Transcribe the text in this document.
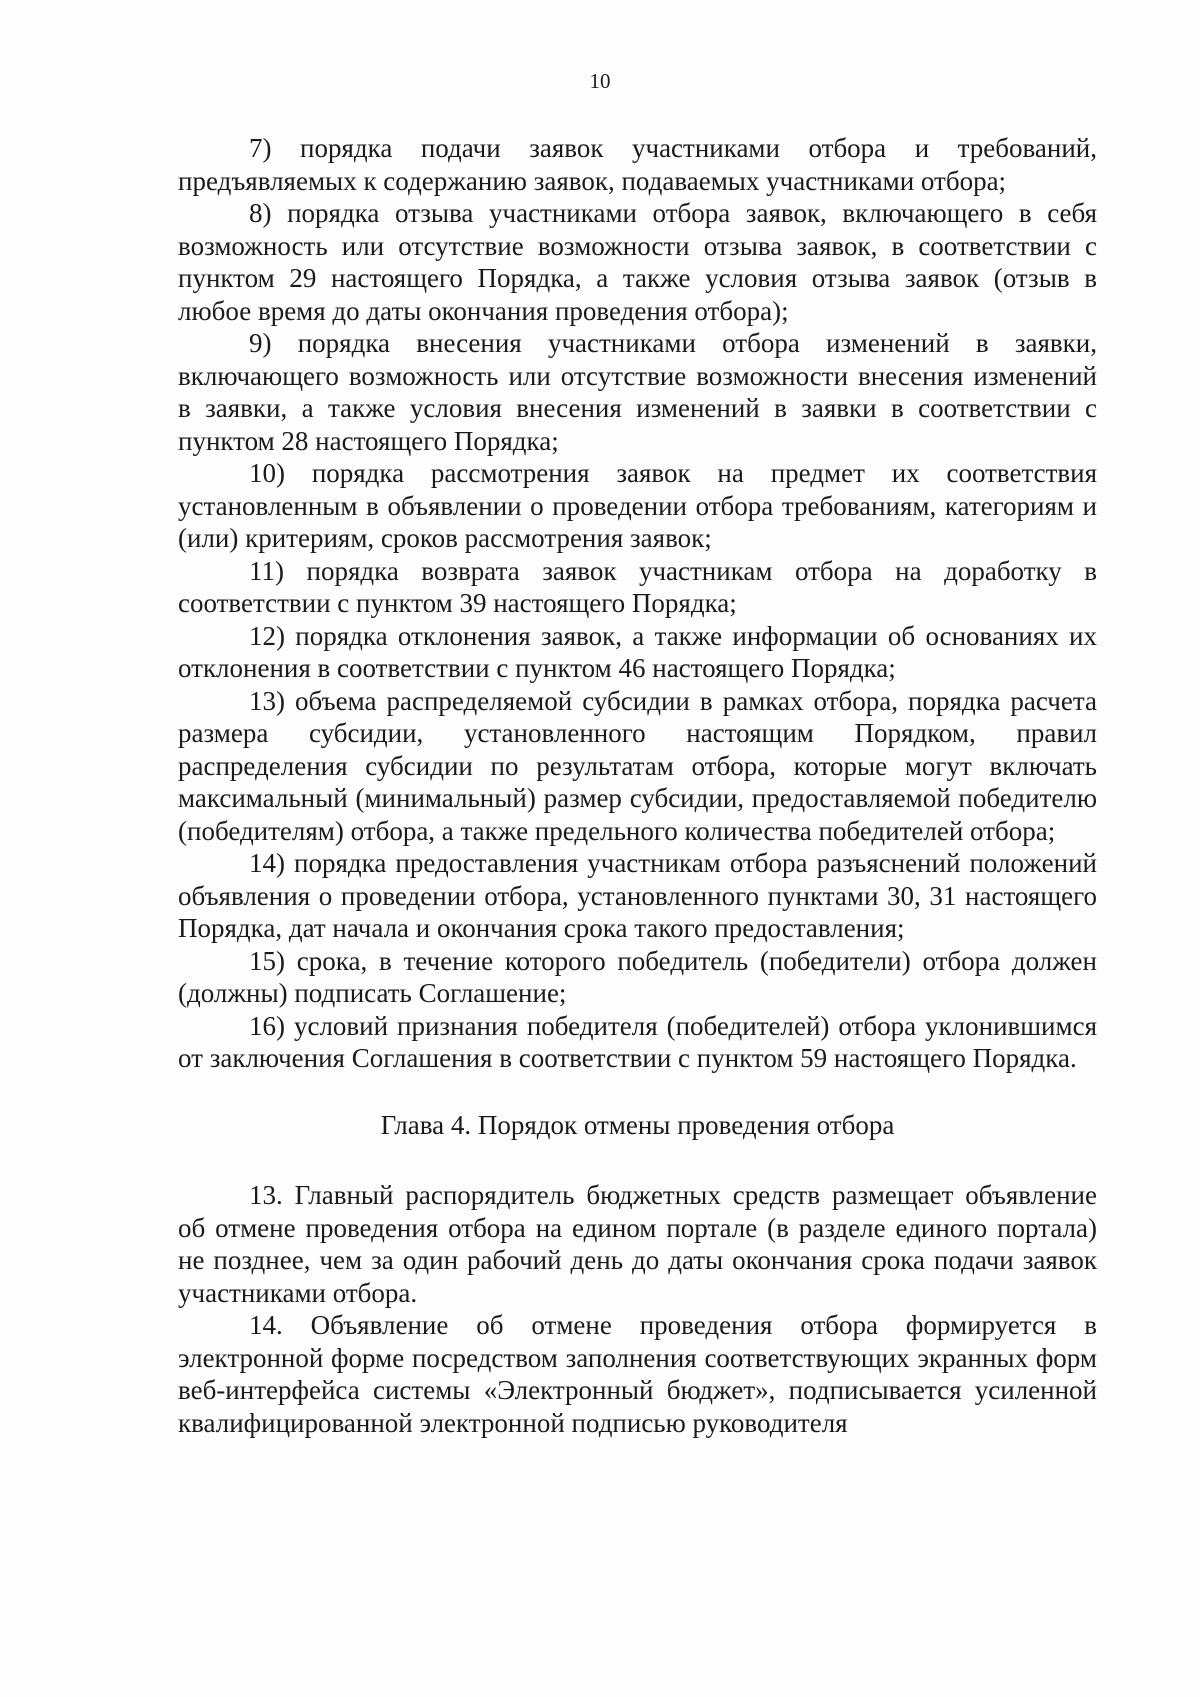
10

7) порядка подачи заявок участниками отбора и требований, предъявляемых к содержанию заявок, подаваемых участниками отбора;

8) порядка отзыва участниками отбора заявок, включающего в себя возможность или отсутствие возможности отзыва заявок, в соответствии с пунктом 29 настоящего Порядка, а также условия отзыва заявок (отзыв в любое время до даты окончания проведения отбора);

9) порядка внесения участниками отбора изменений в заявки, включающего возможность или отсутствие возможности внесения изменений в заявки, а также условия внесения изменений в заявки в соответствии с пунктом 28 настоящего Порядка;

10) порядка рассмотрения заявок на предмет их соответствия установленным в объявлении о проведении отбора требованиям, категориям и (или) критериям, сроков рассмотрения заявок;

11) порядка возврата заявок участникам отбора на доработку в соответствии с пунктом 39 настоящего Порядка;

12) порядка отклонения заявок, а также информации об основаниях их отклонения в соответствии с пунктом 46 настоящего Порядка;

13) объема распределяемой субсидии в рамках отбора, порядка расчета размера субсидии, установленного настоящим Порядком, правил распределения субсидии по результатам отбора, которые могут включать максимальный (минимальный) размер субсидии, предоставляемой победителю (победителям) отбора, а также предельного количества победителей отбора;

14) порядка предоставления участникам отбора разъяснений положений объявления о проведении отбора, установленного пунктами 30, 31 настоящего Порядка, дат начала и окончания срока такого предоставления;

15) срока, в течение которого победитель (победители) отбора должен (должны) подписать Соглашение;

16) условий признания победителя (победителей) отбора уклонившимся от заключения Соглашения в соответствии с пунктом 59 настоящего Порядка.

Глава 4. Порядок отмены проведения отбора

13. Главный распорядитель бюджетных средств размещает объявление об отмене проведения отбора на едином портале (в разделе единого портала) не позднее, чем за один рабочий день до даты окончания срока подачи заявок участниками отбора.

14. Объявление об отмене проведения отбора формируется в электронной форме посредством заполнения соответствующих экранных форм веб-интерфейса системы «Электронный бюджет», подписывается усиленной квалифицированной электронной подписью руководителя
